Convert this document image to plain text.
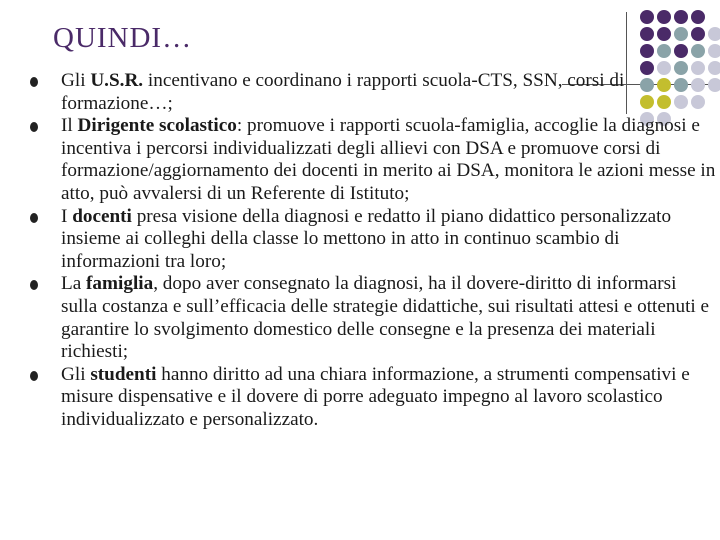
QUINDI…
Gli U.S.R. incentivano e coordinano i rapporti scuola-CTS, SSN, corsi di formazione…;
Il Dirigente scolastico: promuove i rapporti scuola-famiglia, accoglie la diagnosi e incentiva i percorsi individualizzati degli allievi con DSA e promuove corsi di formazione/aggiornamento dei docenti in merito ai DSA, monitora le azioni messe in atto, può avvalersi di un Referente di Istituto;
I docenti presa visione della diagnosi e redatto il piano didattico personalizzato insieme ai colleghi della classe lo mettono in atto in continuo scambio di informazioni tra loro;
La famiglia, dopo aver consegnato la diagnosi, ha il dovere-diritto di informarsi sulla costanza e sull’efficacia delle strategie didattiche, sui risultati attesi e ottenuti e garantire lo svolgimento domestico delle consegne e la presenza dei materiali richiesti;
Gli studenti hanno diritto ad una chiara informazione, a strumenti compensativi e misure dispensative e il dovere di porre adeguato impegno al lavoro scolastico individualizzato e personalizzato.
